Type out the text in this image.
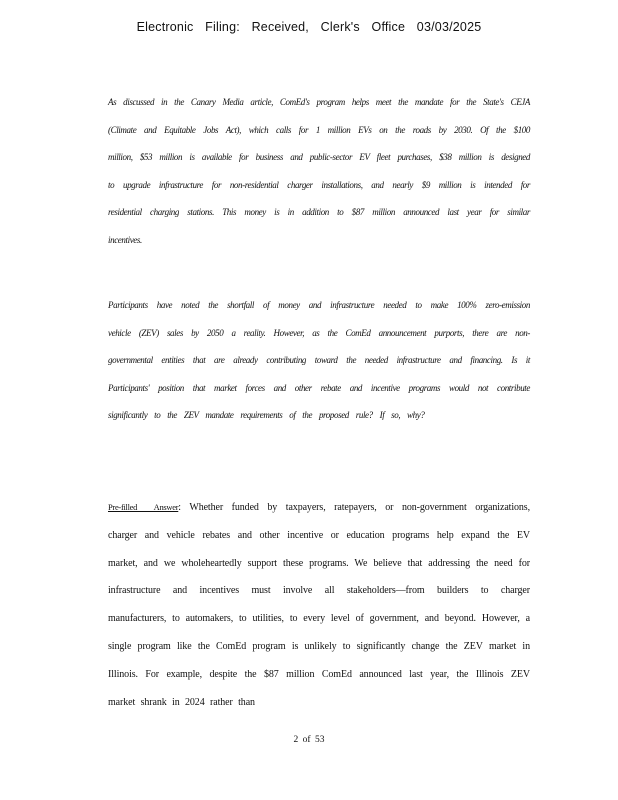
Electronic Filing: Received, Clerk's Office 03/03/2025

As discussed in the Canary Media article, ComEd's program helps meet the mandate for the State's CEJA (Climate and Equitable Jobs Act), which calls for 1 million EVs on the roads by 2030. Of the $100 million, $53 million is available for business and public-sector EV fleet purchases, $38 million is designed to upgrade infrastructure for non-residential charger installations, and nearly $9 million is intended for residential charging stations. This money is in addition to $87 million announced last year for similar incentives.

Participants have noted the shortfall of money and infrastructure needed to make 100% zero-emission vehicle (ZEV) sales by 2050 a reality. However, as the ComEd announcement purports, there are non-governmental entities that are already contributing toward the needed infrastructure and financing. Is it Participants' position that market forces and other rebate and incentive programs would not contribute significantly to the ZEV mandate requirements of the proposed rule? If so, why?

Pre-filled Answer: Whether funded by taxpayers, ratepayers, or non-government organizations, charger and vehicle rebates and other incentive or education programs help expand the EV market, and we wholeheartedly support these programs. We believe that addressing the need for infrastructure and incentives must involve all stakeholders—from builders to charger manufacturers, to automakers, to utilities, to every level of government, and beyond. However, a single program like the ComEd program is unlikely to significantly change the ZEV market in Illinois. For example, despite the $87 million ComEd announced last year, the Illinois ZEV market shrank in 2024 rather than

2 of 53
